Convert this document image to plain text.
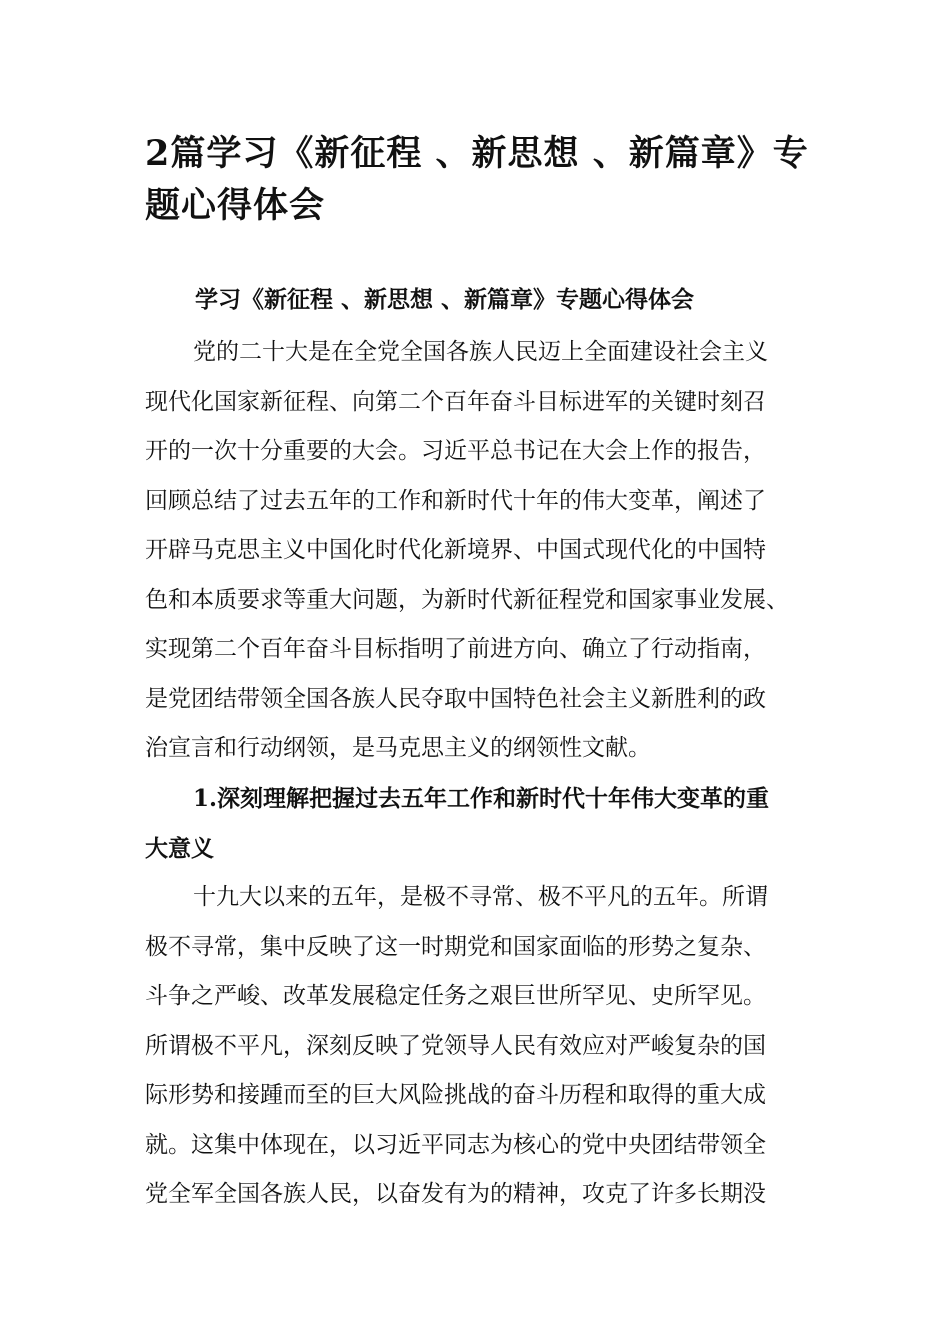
2篇学习《新征程 、新思想 、新篇章》专
题心得体会
学习《新征程 、新思想 、新篇章》专题心得体会
党的二十大是在全党全国各族人民迈上全面建设社会主义
现代化国家新征程、向第二个百年奋斗目标进军的关键时刻召
开的一次十分重要的大会。习近平总书记在大会上作的报告，
回顾总结了过去五年的工作和新时代十年的伟大变革，阐述了
开辟马克思主义中国化时代化新境界、中国式现代化的中国特
色和本质要求等重大问题，为新时代新征程党和国家事业发展、
实现第二个百年奋斗目标指明了前进方向、确立了行动指南，
是党团结带领全国各族人民夺取中国特色社会主义新胜利的政
治宣言和行动纲领，是马克思主义的纲领性文献。
1.深刻理解把握过去五年工作和新时代十年伟大变革的重
大意义
十九大以来的五年，是极不寻常、极不平凡的五年。所谓
极不寻常，集中反映了这一时期党和国家面临的形势之复杂、
斗争之严峻、改革发展稳定任务之艰巨世所罕见、史所罕见。
所谓极不平凡，深刻反映了党领导人民有效应对严峻复杂的国
际形势和接踵而至的巨大风险挑战的奋斗历程和取得的重大成
就。这集中体现在，以习近平同志为核心的党中央团结带领全
党全军全国各族人民，以奋发有为的精神，攻克了许多长期没
